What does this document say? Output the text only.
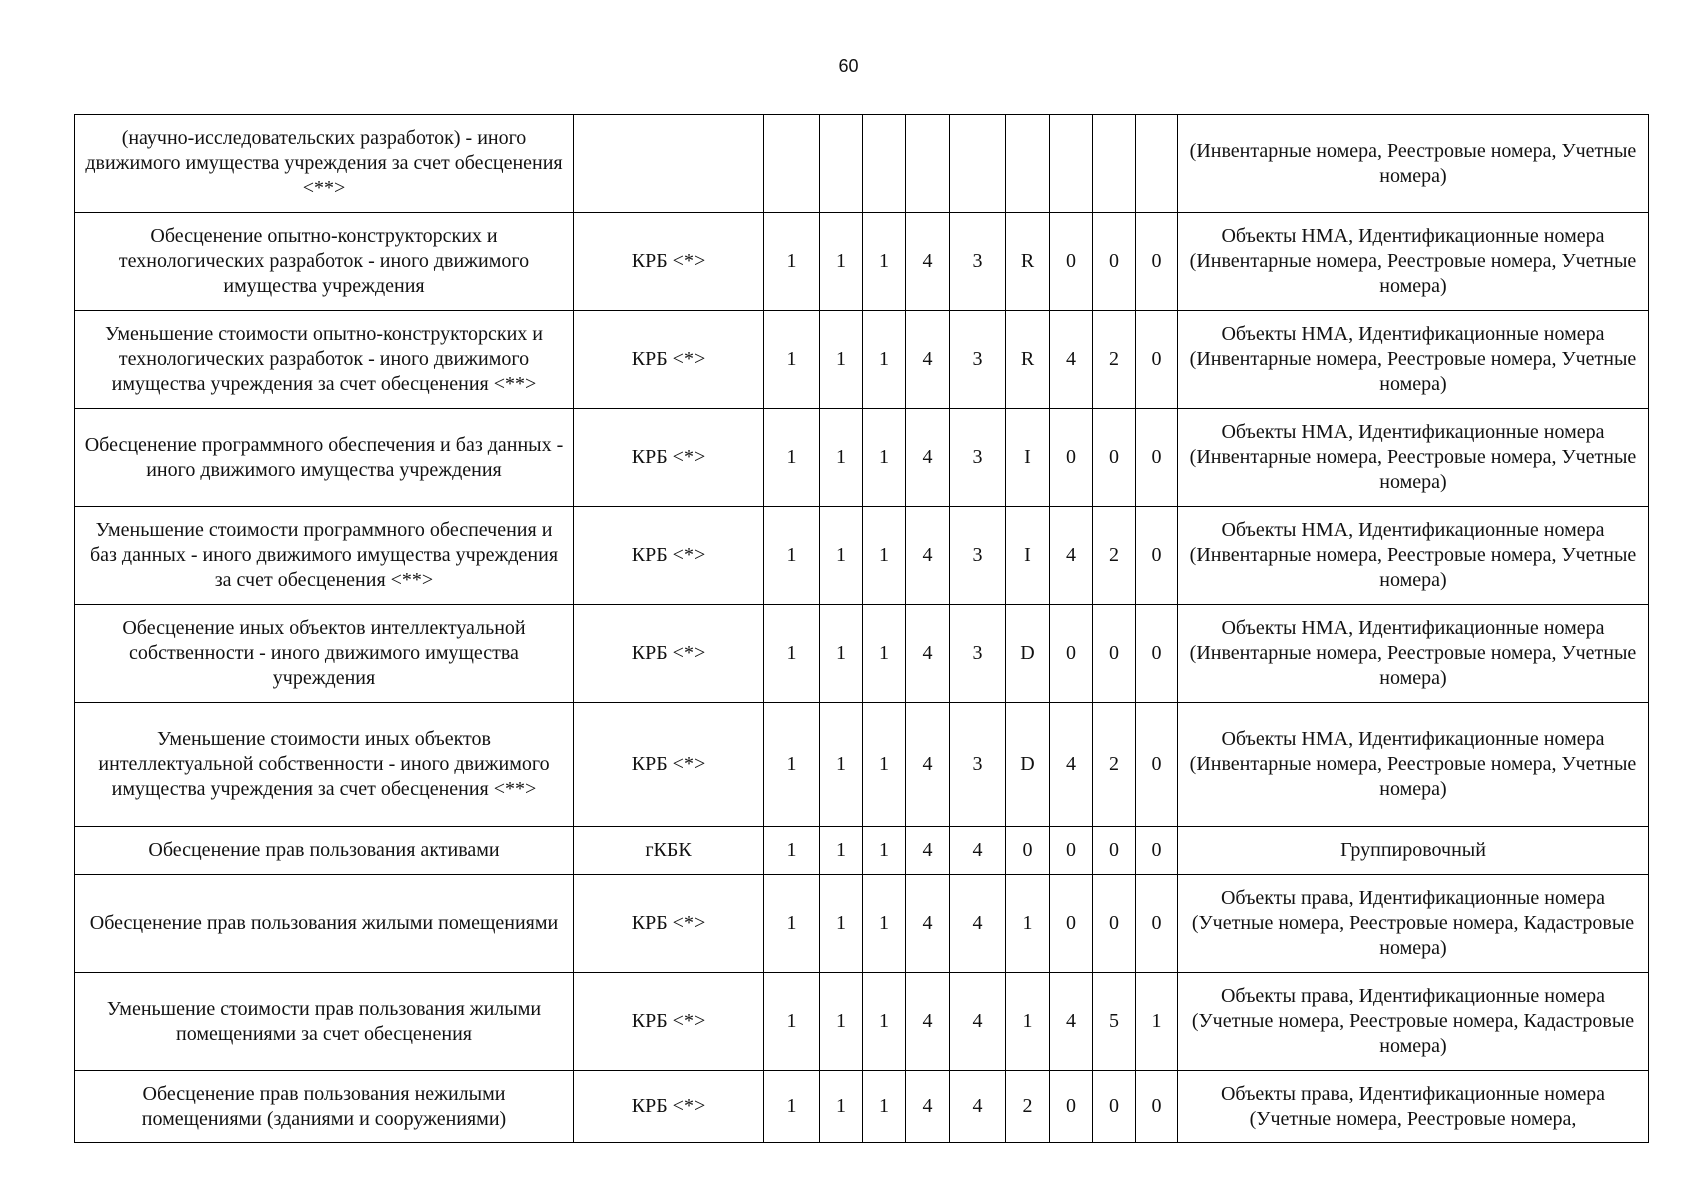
60
(научно-исследовательских разработок) - иного движимого имущества учреждения за счет обесценения <**>											(Инвентарные номера, Реестровые номера, Учетные номера)
Обесценение опытно-конструкторских и технологических разработок - иного движимого имущества учреждения	КРБ <*>	1	1	1	4	3	R	0	0	0	Объекты НМА, Идентификационные номера (Инвентарные номера, Реестровые номера, Учетные номера)
Уменьшение стоимости опытно-конструкторских и технологических разработок - иного движимого имущества учреждения за счет обесценения <**>	КРБ <*>	1	1	1	4	3	R	4	2	0	Объекты НМА, Идентификационные номера (Инвентарные номера, Реестровые номера, Учетные номера)
Обесценение программного обеспечения и баз данных - иного движимого имущества учреждения	КРБ <*>	1	1	1	4	3	I	0	0	0	Объекты НМА, Идентификационные номера (Инвентарные номера, Реестровые номера, Учетные номера)
Уменьшение стоимости программного обеспечения и баз данных - иного движимого имущества учреждения за счет обесценения <**>	КРБ <*>	1	1	1	4	3	I	4	2	0	Объекты НМА, Идентификационные номера (Инвентарные номера, Реестровые номера, Учетные номера)
Обесценение иных объектов интеллектуальной собственности - иного движимого имущества учреждения	КРБ <*>	1	1	1	4	3	D	0	0	0	Объекты НМА, Идентификационные номера (Инвентарные номера, Реестровые номера, Учетные номера)
Уменьшение стоимости иных объектов интеллектуальной собственности - иного движимого имущества учреждения за счет обесценения <**>	КРБ <*>	1	1	1	4	3	D	4	2	0	Объекты НМА, Идентификационные номера (Инвентарные номера, Реестровые номера, Учетные номера)
Обесценение прав пользования активами	гКБК	1	1	1	4	4	0	0	0	0	Группировочный
Обесценение прав пользования жилыми помещениями	КРБ <*>	1	1	1	4	4	1	0	0	0	Объекты права, Идентификационные номера (Учетные номера, Реестровые номера, Кадастровые номера)
Уменьшение стоимости прав пользования жилыми помещениями за счет обесценения	КРБ <*>	1	1	1	4	4	1	4	5	1	Объекты права, Идентификационные номера (Учетные номера, Реестровые номера, Кадастровые номера)
Обесценение прав пользования нежилыми помещениями (зданиями и сооружениями)	КРБ <*>	1	1	1	4	4	2	0	0	0	Объекты права, Идентификационные номера (Учетные номера, Реестровые номера,
